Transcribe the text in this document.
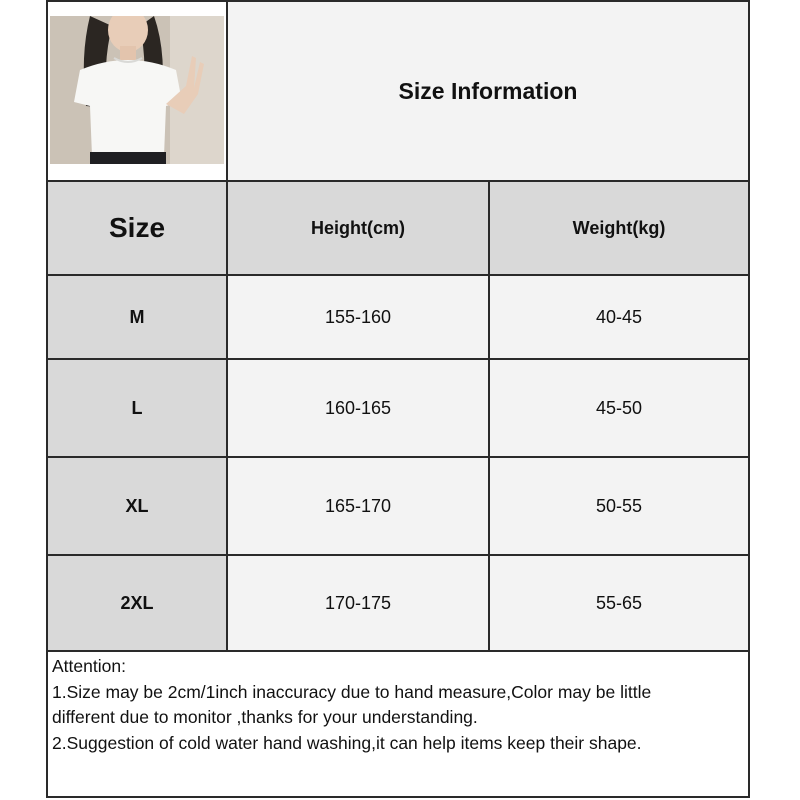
Size Information
Size	Height(cm)	Weight(kg)
M	155-160	40-45
L	160-165	45-50
XL	165-170	50-55
2XL	170-175	55-65
Attention:
1.Size may be 2cm/1inch inaccuracy due to hand measure,Color may be little
different due to monitor ,thanks for your understanding.
2.Suggestion of cold water hand washing,it can help items keep their shape.
